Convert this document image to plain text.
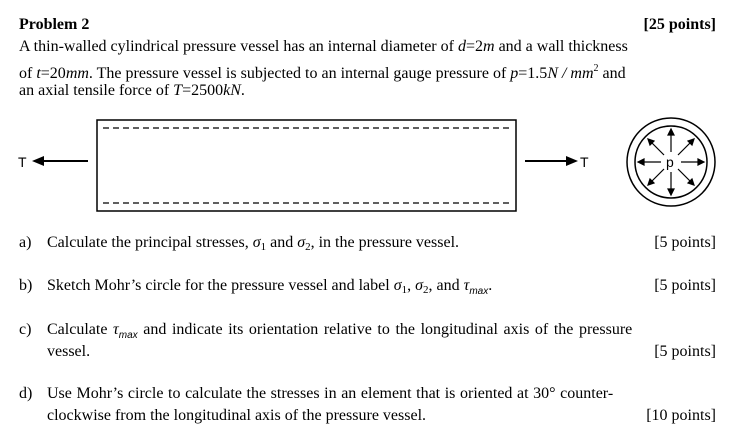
Problem 2	[25 points]
A thin-walled cylindrical pressure vessel has an internal diameter of d=2m and a wall thickness
of t=20mm. The pressure vessel is subjected to an internal gauge pressure of $p=1.5N / mm^2$ and
an axial tensile force of T=2500kN.
T	T	p
a) Calculate the principal stresses, $\sigma_1$ and $\sigma_2$, in the pressure vessel.	[5 points]
b) Sketch Mohr’s circle for the pressure vessel and label $\sigma_1$, $\sigma_2$, and $\tau_{max}$.	[5 points]
c) Calculate $\tau_{max}$ and indicate its orientation relative to the longitudinal axis of the pressure
vessel.	[5 points]
d) Use Mohr’s circle to calculate the stresses in an element that is oriented at 30° counter-
clockwise from the longitudinal axis of the pressure vessel.	[10 points]
